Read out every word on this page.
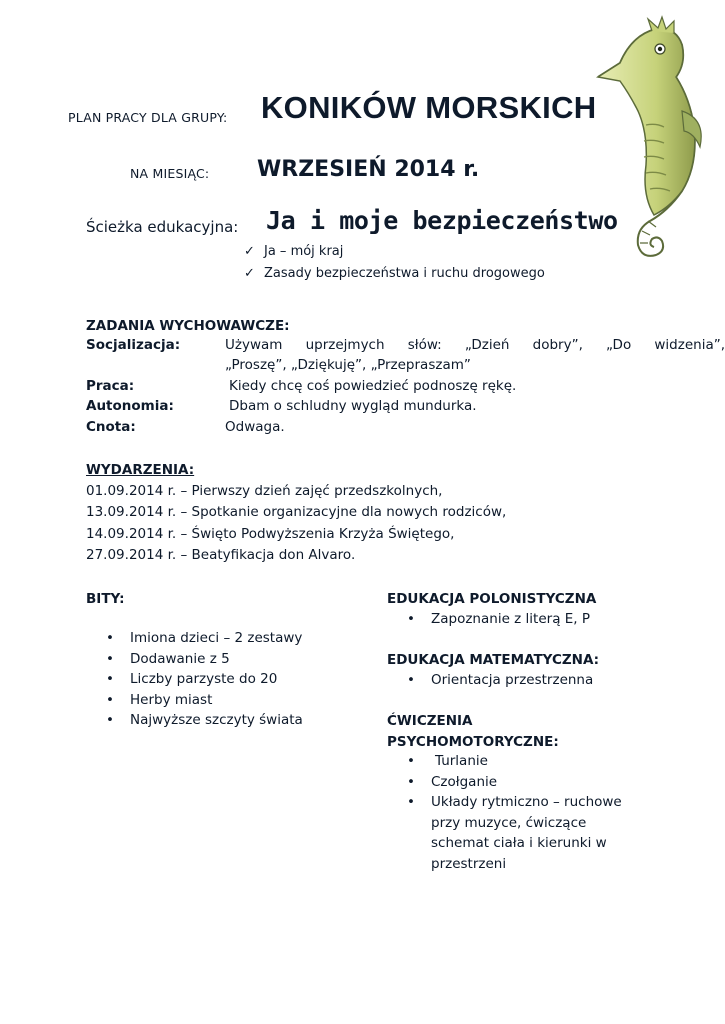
PLAN PRACY DLA GRUPY: KONIKÓW MORSKICH
NA MIESIĄC: WRZESIEŃ 2014 r.
Ścieżka edukacyjna: Ja i moje bezpieczeństwo
✓ Ja – mój kraj
✓ Zasady bezpieczeństwa i ruchu drogowego
ZADANIA WYCHOWAWCZE:
Socjalizacja:	Używam uprzejmych słów: „Dzień dobry”, „Do widzenia”,
„Proszę”, „Dziękuję”, „Przepraszam”
Praca:	Kiedy chcę coś powiedzieć podnoszę rękę.
Autonomia:	Dbam o schludny wygląd mundurka.
Cnota:	Odwaga.
WYDARZENIA:
01.09.2014 r. – Pierwszy dzień zajęć przedszkolnych,
13.09.2014 r. – Spotkanie organizacyjne dla nowych rodziców,
14.09.2014 r. – Święto Podwyższenia Krzyża Świętego,
27.09.2014 r. – Beatyfikacja don Alvaro.
BITY:
• Imiona dzieci – 2 zestawy
• Dodawanie z 5
• Liczby parzyste do 20
• Herby miast
• Najwyższe szczyty świata
EDUKACJA POLONISTYCZNA
• Zapoznanie z literą E, P
EDUKACJA MATEMATYCZNA:
• Orientacja przestrzenna
ĆWICZENIA
PSYCHOMOTORYCZNE:
• Turlanie
• Czołganie
• Układy rytmiczno – ruchowe
przy muzyce, ćwiczące
schemat ciała i kierunki w
przestrzeni
